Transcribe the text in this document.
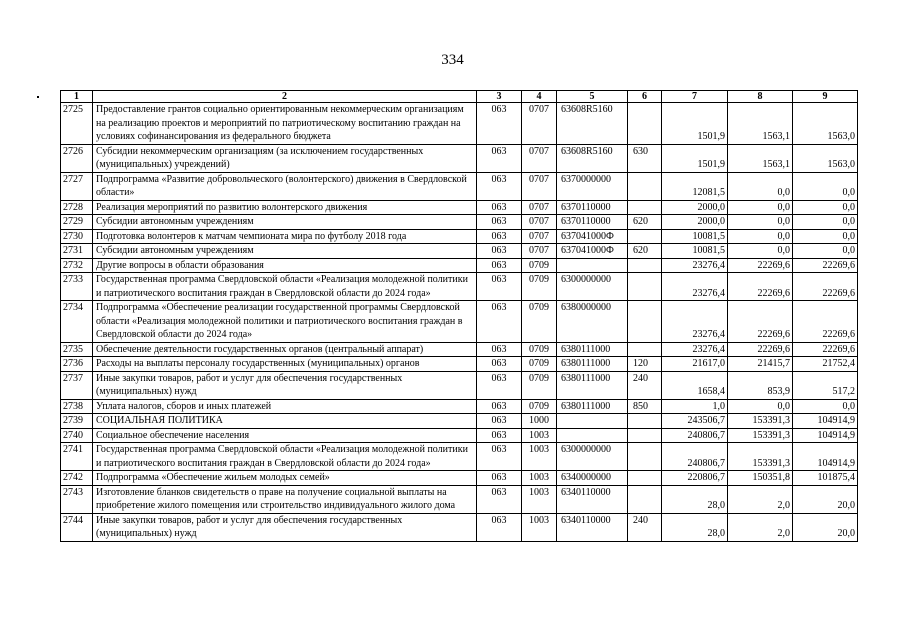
334
1	2	3	4	5	6	7	8	9
2725	Предоставление грантов социально ориентированным некоммерческим организациям на реализацию проектов и мероприятий по патриотическому воспитанию граждан на условиях софинансирования из федерального бюджета	063	0707	63608R5160		1501,9	1563,1	1563,0
2726	Субсидии некоммерческим организациям (за исключением государственных (муниципальных) учреждений)	063	0707	63608R5160	630	1501,9	1563,1	1563,0
2727	Подпрограмма «Развитие добровольческого (волонтерского) движения в Свердловской области»	063	0707	6370000000		12081,5	0,0	0,0
2728	Реализация мероприятий по развитию волонтерского движения	063	0707	6370110000		2000,0	0,0	0,0
2729	Субсидии автономным учреждениям	063	0707	6370110000	620	2000,0	0,0	0,0
2730	Подготовка волонтеров к матчам чемпионата мира по футболу 2018 года	063	0707	637041000Ф		10081,5	0,0	0,0
2731	Субсидии автономным учреждениям	063	0707	637041000Ф	620	10081,5	0,0	0,0
2732	Другие вопросы в области образования	063	0709			23276,4	22269,6	22269,6
2733	Государственная программа Свердловской области «Реализация молодежной политики и патриотического воспитания граждан в Свердловской области до 2024 года»	063	0709	6300000000		23276,4	22269,6	22269,6
2734	Подпрограмма «Обеспечение реализации государственной программы Свердловской области «Реализация молодежной политики и патриотического воспитания граждан в Свердловской области до 2024 года»	063	0709	6380000000		23276,4	22269,6	22269,6
2735	Обеспечение деятельности государственных органов (центральный аппарат)	063	0709	6380111000		23276,4	22269,6	22269,6
2736	Расходы на выплаты персоналу государственных (муниципальных) органов	063	0709	6380111000	120	21617,0	21415,7	21752,4
2737	Иные закупки товаров, работ и услуг для обеспечения государственных (муниципальных) нужд	063	0709	6380111000	240	1658,4	853,9	517,2
2738	Уплата налогов, сборов и иных платежей	063	0709	6380111000	850	1,0	0,0	0,0
2739	СОЦИАЛЬНАЯ ПОЛИТИКА	063	1000			243506,7	153391,3	104914,9
2740	Социальное обеспечение населения	063	1003			240806,7	153391,3	104914,9
2741	Государственная программа Свердловской области «Реализация молодежной политики и патриотического воспитания граждан в Свердловской области до 2024 года»	063	1003	6300000000		240806,7	153391,3	104914,9
2742	Подпрограмма «Обеспечение жильем молодых семей»	063	1003	6340000000		220806,7	150351,8	101875,4
2743	Изготовление бланков свидетельств о праве на получение социальной выплаты на приобретение жилого помещения или строительство индивидуального жилого дома	063	1003	6340110000		28,0	2,0	20,0
2744	Иные закупки товаров, работ и услуг для обеспечения государственных (муниципальных) нужд	063	1003	6340110000	240	28,0	2,0	20,0
